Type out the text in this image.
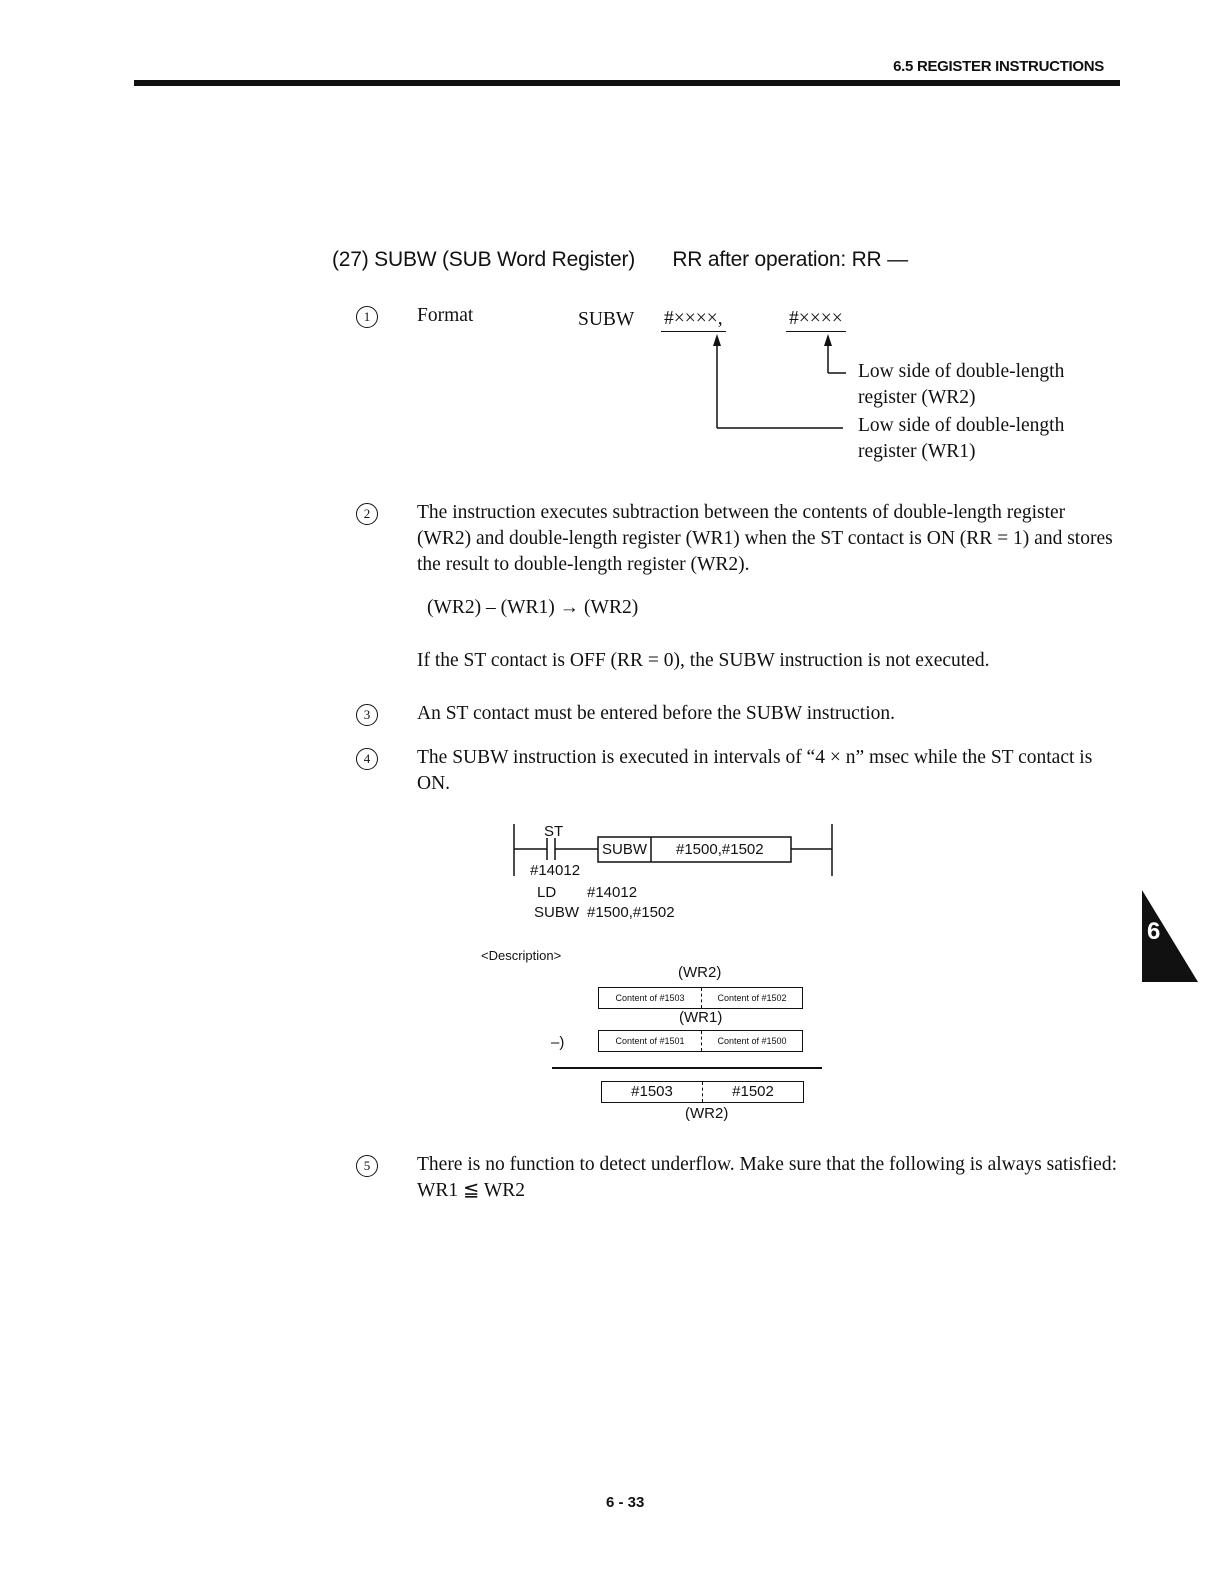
6.5 REGISTER INSTRUCTIONS
(27) SUBW (SUB Word Register) RR after operation: RR —
1	Format	SUBW #××××,	#××××
Low side of double-length register (WR2)
Low side of double-length register (WR1)
2	The instruction executes subtraction between the contents of double-length register (WR2) and double-length register (WR1) when the ST contact is ON (RR = 1) and stores the result to double-length register (WR2).
(WR2) – (WR1) → (WR2)
If the ST contact is OFF (RR = 0), the SUBW instruction is not executed.
3	An ST contact must be entered before the SUBW instruction.
4	The SUBW instruction is executed in intervals of “4 × n” msec while the ST contact is ON.
ST
SUBW #1500,#1502
#14012
LD #14012
SUBW #1500,#1502
<Description>
(WR2)
Content of #1503	Content of #1502
(WR1)
–)	Content of #1501	Content of #1500
#1503	#1502
(WR2)
5	There is no function to detect underflow. Make sure that the following is always satisfied: WR1 ≦ WR2
6
6 - 33
